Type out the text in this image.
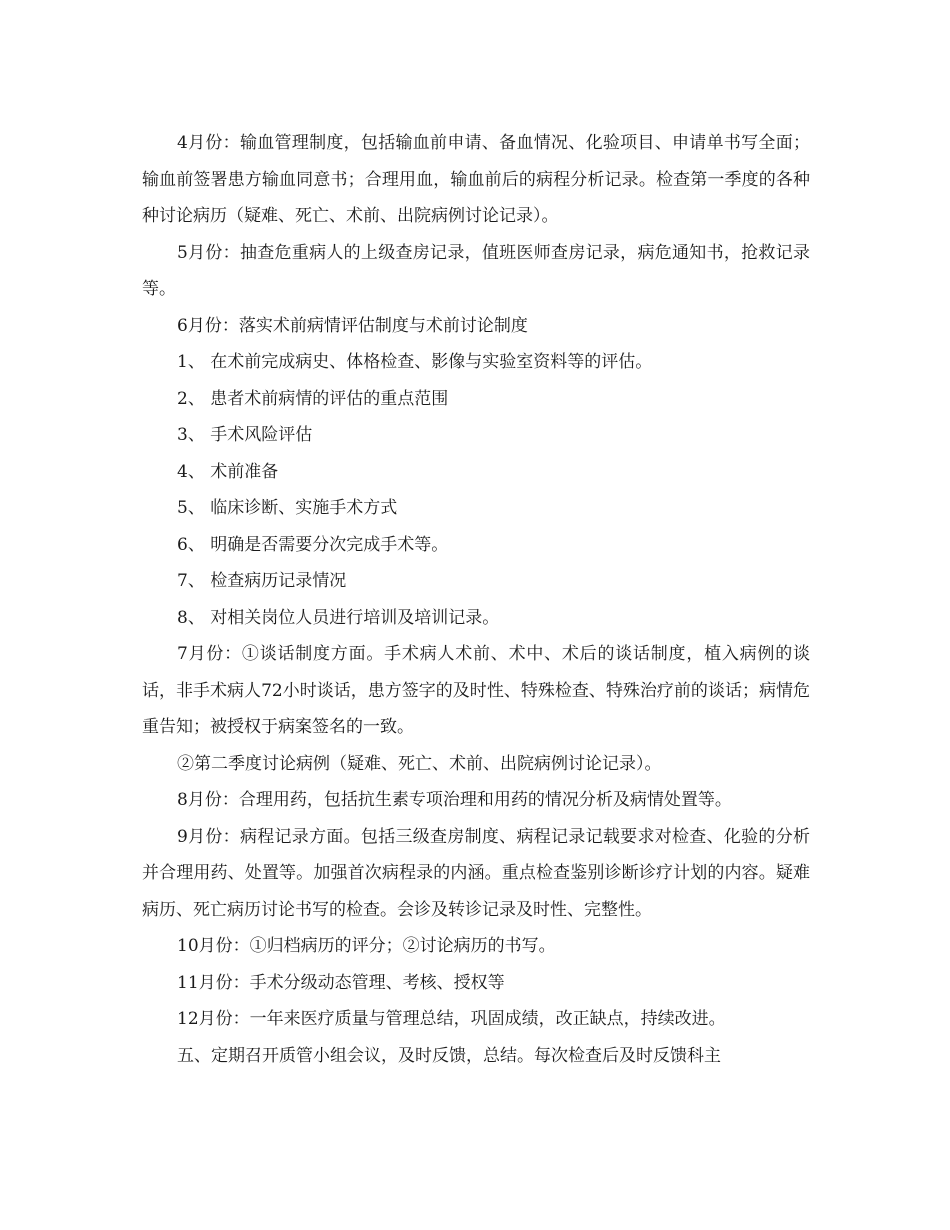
4月份：输血管理制度，包括输血前申请、备血情况、化验项目、申请单书写全面；输血前签署患方输血同意书；合理用血，输血前后的病程分析记录。检查第一季度的各种种讨论病历（疑难、死亡、术前、出院病例讨论记录）。

5月份：抽查危重病人的上级查房记录，值班医师查房记录，病危通知书，抢救记录等。

6月份：落实术前病情评估制度与术前讨论制度

1、 在术前完成病史、体格检查、影像与实验室资料等的评估。

2、 患者术前病情的评估的重点范围

3、 手术风险评估

4、 术前准备

5、 临床诊断、实施手术方式

6、 明确是否需要分次完成手术等。

7、 检查病历记录情况

8、 对相关岗位人员进行培训及培训记录。

7月份：①谈话制度方面。手术病人术前、术中、术后的谈话制度，植入病例的谈话，非手术病人72小时谈话，患方签字的及时性、特殊检查、特殊治疗前的谈话；病情危重告知；被授权于病案签名的一致。

②第二季度讨论病例（疑难、死亡、术前、出院病例讨论记录）。

8月份：合理用药，包括抗生素专项治理和用药的情况分析及病情处置等。

9月份：病程记录方面。包括三级查房制度、病程记录记载要求对检查、化验的分析并合理用药、处置等。加强首次病程录的内涵。重点检查鉴别诊断诊疗计划的内容。疑难病历、死亡病历讨论书写的检查。会诊及转诊记录及时性、完整性。

10月份：①归档病历的评分；②讨论病历的书写。

11月份：手术分级动态管理、考核、授权等

12月份：一年来医疗质量与管理总结，巩固成绩，改正缺点，持续改进。

五、定期召开质管小组会议，及时反馈，总结。每次检查后及时反馈科主
